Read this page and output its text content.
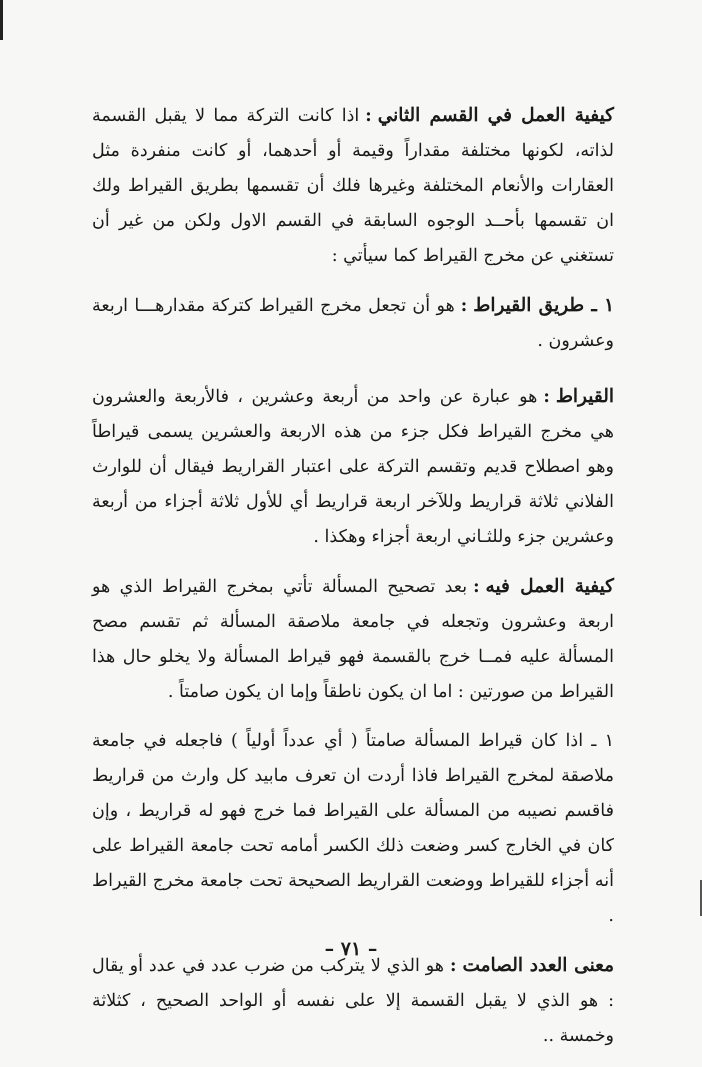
كيفية العمل في القسم الثاني:اذا كانت التركة مما لا يقبل القسمة لذاته، لكونها مختلفة مقداراً وقيمة أو أحدهما، أو كانت منفردة مثل العقارات والأنعام المختلفة وغيرها فلك أن تقسمها بطريق القيراط ولك ان تقسمها بأحــد الوجوه السابقة في القسم الاول ولكن من غير أن تستغني عن مخرج القيراط كما سيأتي :

١ ـ طريق القيراط:هو أن تجعل مخرج القيراط كتركة مقدارهـــا اربعة وعشرون .

القيراط:هو عبارة عن واحد من أربعة وعشرين ، فالأربعة والعشرون هي مخرج القيراط فكل جزء من هذه الاربعة والعشرين يسمى قيراطاً وهو اصطلاح قديم وتقسم التركة على اعتبار القراريط فيقال أن للوارث الفلاني ثلاثة قراريط وللآخر اربعة قراريط أي للأول ثلاثة أجزاء من أربعة وعشرين جزء وللثـاني اربعة أجزاء وهكذا .

كيفية العمل فيه:بعد تصحيح المسألة تأتي بمخرج القيراط الذي هو اربعة وعشرون وتجعله في جامعة ملاصقة المسألة ثم تقسم مصح المسألة عليه فمــا خرج بالقسمة فهو قيراط المسألة ولا يخلو حال هذا القيراط من صورتين : اما ان يكون ناطقاً وإما ان يكون صامتاً .

١ ـ اذا كان قيراط المسألة صامتاً ( أي عدداً أولياً ) فاجعله في جامعة ملاصقة لمخرج القيراط فاذا أردت ان تعرف مابيد كل وارث من قراريط فاقسم نصيبه من المسألة على القيراط فما خرج فهو له قراريط ، وإن كان في الخارج كسر وضعت ذلك الكسر أمامه تحت جامعة القيراط على أنه أجزاء للقيراط ووضعت القراريط الصحيحة تحت جامعة مخرج القيراط .

معنى العدد الصامت:هو الذي لا يتركب من ضرب عدد في عدد أو يقال : هو الذي لا يقبل القسمة إلا على نفسه أو الواحد الصحيح ، كثلاثة وخمسة ..

– ٧١ –
